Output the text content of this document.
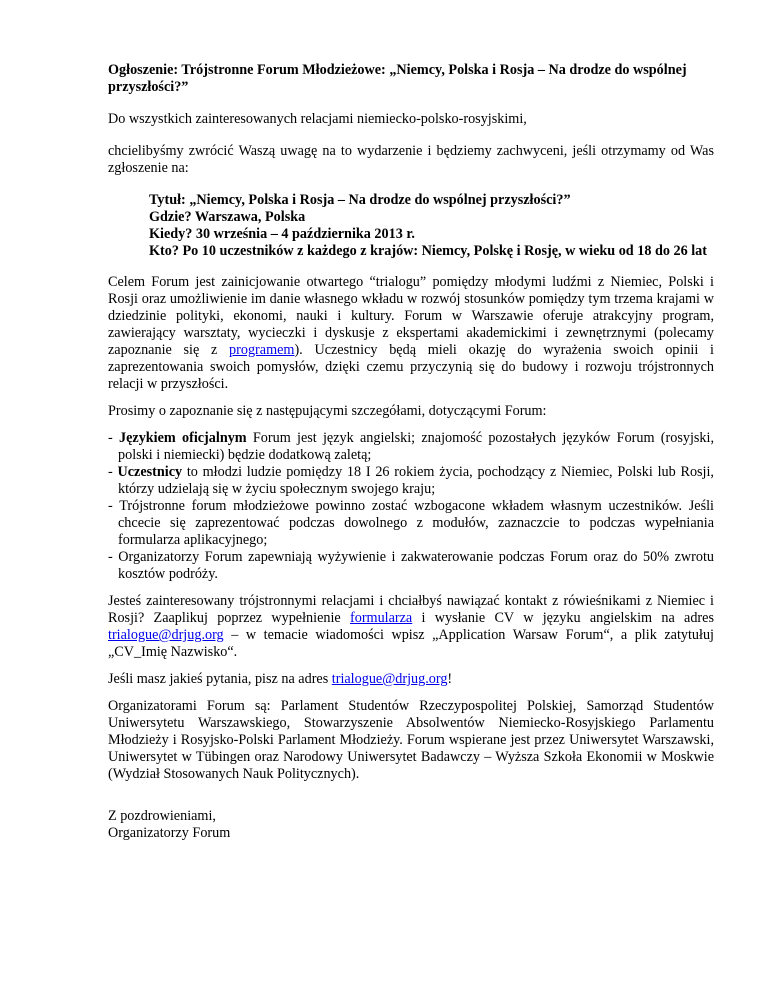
Ogłoszenie: Trójstronne Forum Młodzieżowe: „Niemcy, Polska i Rosja – Na drodze do wspólnej przyszłości?”

Do wszystkich zainteresowanych relacjami niemiecko-polsko-rosyjskimi,

chcielibyśmy zwrócić Waszą uwagę na to wydarzenie i będziemy zachwyceni, jeśli otrzymamy od Was zgłoszenie na:

Tytuł: „Niemcy, Polska i Rosja – Na drodze do wspólnej przyszłości?”
Gdzie? Warszawa, Polska
Kiedy? 30 września – 4 października 2013 r.
Kto? Po 10 uczestników z każdego z krajów: Niemcy, Polskę i Rosję, w wieku od 18 do 26 lat

Celem Forum jest zainicjowanie otwartego “trialogu” pomiędzy młodymi ludźmi z Niemiec, Polski i Rosji oraz umożliwienie im danie własnego wkładu w rozwój stosunków pomiędzy tym trzema krajami w dziedzinie polityki, ekonomi, nauki i kultury. Forum w Warszawie oferuje atrakcyjny program, zawierający warsztaty, wycieczki i dyskusje z ekspertami akademickimi i zewnętrznymi (polecamy zapoznanie się z programem). Uczestnicy będą mieli okazję do wyrażenia swoich opinii i zaprezentowania swoich pomysłów, dzięki czemu przyczynią się do budowy i rozwoju trójstronnych relacji w przyszłości.

Prosimy o zapoznanie się z następującymi szczegółami, dotyczącymi Forum:

- Językiem oficjalnym Forum jest język angielski; znajomość pozostałych języków Forum (rosyjski, polski i niemiecki) będzie dodatkową zaletą;
- Uczestnicy to młodzi ludzie pomiędzy 18 I 26 rokiem życia, pochodzący z Niemiec, Polski lub Rosji, którzy udzielają się w życiu społecznym swojego kraju;
- Trójstronne forum młodzieżowe powinno zostać wzbogacone wkładem własnym uczestników. Jeśli chcecie się zaprezentować podczas dowolnego z modułów, zaznaczcie to podczas wypełniania formularza aplikacyjnego;
- Organizatorzy Forum zapewniają wyżywienie i zakwaterowanie podczas Forum oraz do 50% zwrotu kosztów podróży.

Jesteś zainteresowany trójstronnymi relacjami i chciałbyś nawiązać kontakt z rówieśnikami z Niemiec i Rosji? Zaaplikuj poprzez wypełnienie formularza i wysłanie CV w języku angielskim na adres trialogue@drjug.org – w temacie wiadomości wpisz „Application Warsaw Forum“, a plik zatytułuj „CV_Imię Nazwisko“.

Jeśli masz jakieś pytania, pisz na adres trialogue@drjug.org!

Organizatorami Forum są: Parlament Studentów Rzeczypospolitej Polskiej, Samorząd Studentów Uniwersytetu Warszawskiego, Stowarzyszenie Absolwentów Niemiecko-Rosyjskiego Parlamentu Młodzieży i Rosyjsko-Polski Parlament Młodzieży. Forum wspierane jest przez Uniwersytet Warszawski, Uniwersytet w Tübingen oraz Narodowy Uniwersytet Badawczy – Wyższa Szkoła Ekonomii w Moskwie (Wydział Stosowanych Nauk Politycznych).

Z pozdrowieniami,
Organizatorzy Forum
